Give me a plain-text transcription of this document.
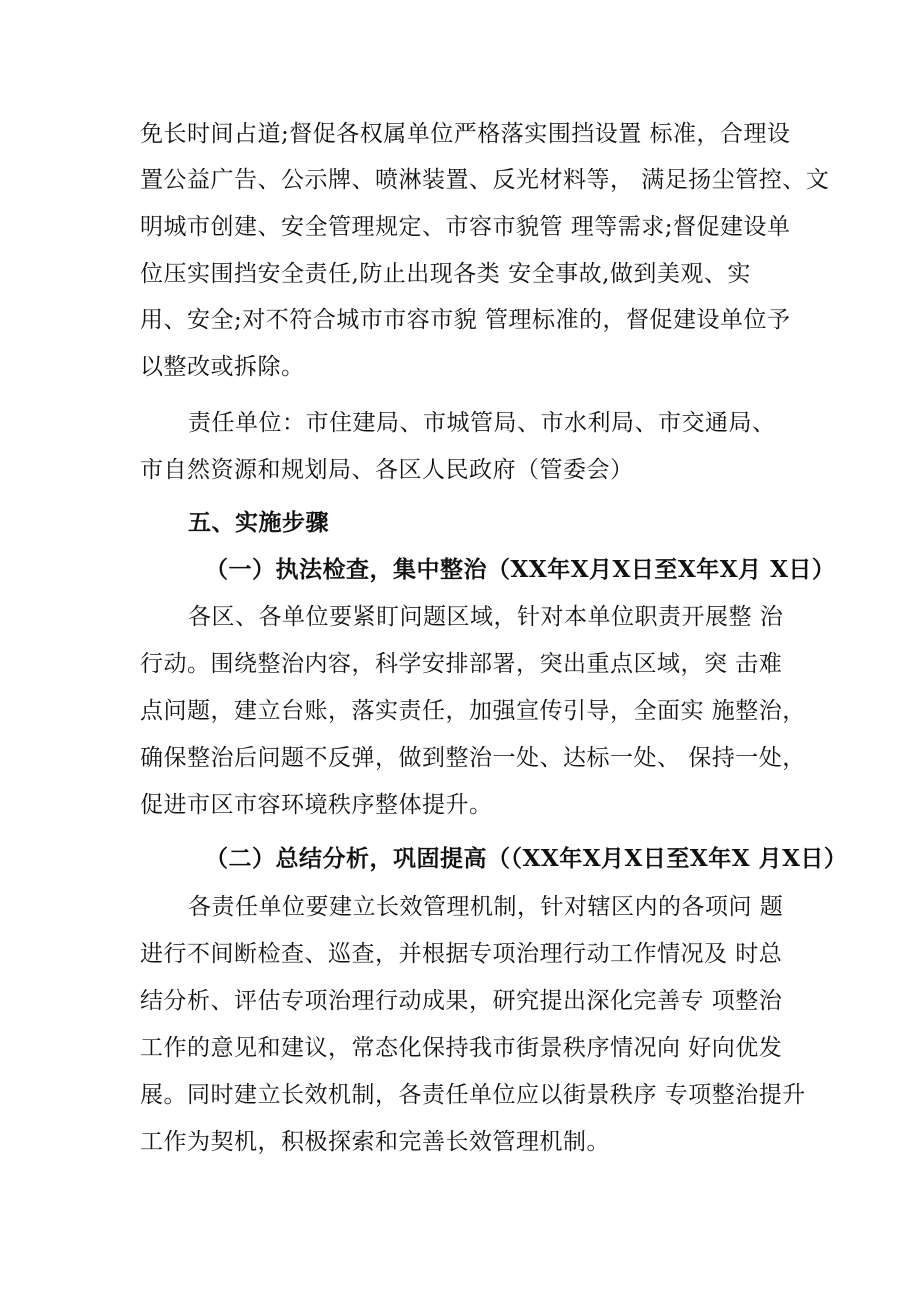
免长时间占道;督促各权属单位严格落实围挡设置 标准，合理设
置公益广告、公示牌、喷淋装置、反光材料等， 满足扬尘管控、文
明城市创建、安全管理规定、市容市貌管 理等需求;督促建设单
位压实围挡安全责任,防止出现各类 安全事故,做到美观、实
用、安全;对不符合城市市容市貌 管理标准的，督促建设单位予
以整改或拆除。
责任单位：市住建局、市城管局、市水利局、市交通局、
市自然资源和规划局、各区人民政府（管委会）
五、实施步骤
（一）执法检查，集中整治（XX年X月X日至X年X月 X日）
各区、各单位要紧盯问题区域，针对本单位职责开展整 治
行动。围绕整治内容，科学安排部署，突出重点区域，突 击难
点问题，建立台账，落实责任，加强宣传引导，全面实 施整治，
确保整治后问题不反弹，做到整治一处、达标一处、 保持一处，
促进市区市容环境秩序整体提升。
（二）总结分析，巩固提高（（XX年X月X日至X年X 月X日）
各责任单位要建立长效管理机制，针对辖区内的各项问 题
进行不间断检查、巡查，并根据专项治理行动工作情况及 时总
结分析、评估专项治理行动成果，研究提出深化完善专 项整治
工作的意见和建议，常态化保持我市街景秩序情况向 好向优发
展。同时建立长效机制，各责任单位应以街景秩序 专项整治提升
工作为契机，积极探索和完善长效管理机制。
